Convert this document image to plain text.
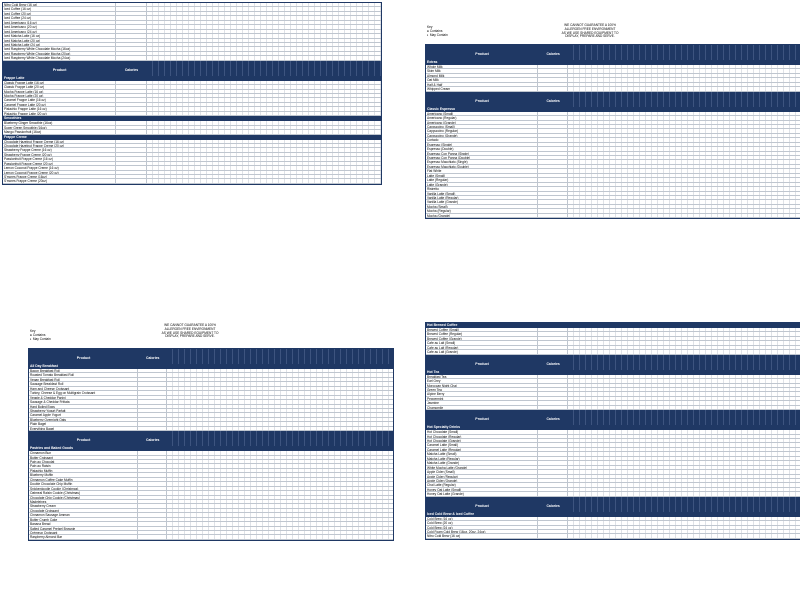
Nitro Cold Brew (16 oz)
Iced Coffee (16 oz)
Iced Coffee (20 oz)
Iced Coffee (24 oz)
Iced Americano (16 oz)
Iced Americano (20 oz)
Iced Americano (24 oz)
Iced Matcha Latte (16 oz)
Iced Matcha Latte (20 oz)
Iced Matcha Latte (24 oz)
Iced Raspberry White Chocolate Mocha (16oz)
Iced Raspberry White Chocolate Mocha (20oz)
Iced Raspberry White Chocolate Mocha (24oz)
Product	Calories
Frappe Latte
Classic Frappe Latte (16 oz)
Classic Frappe Latte (20 oz)
Mocha Frappe Latte (16 oz)
Mocha Frappe Latte (20 oz)
Caramel Frappe Latte (16 oz)
Caramel Frappe Latte (20 oz)
Pistachio Frappe Latte (16 oz)
Pistachio Frappe Latte (20 oz)
Smoothies
Blueberry Ginger Smoothie (16oz)
Super Green Smoothie (16oz)
Mango Passionfruit (16oz)
Frappe Creme
Chocolate Hazelnut Frappe Creme (16 oz)
Chocolate Hazelnut Frappe Creme (20 oz)
Strawberry Frappe Creme (16 oz)
Strawberry Frappe Creme (20 oz)
Passionfruit Frappe Creme (16 oz)
Passionfruit Frappe Creme (20 oz)
Lemon Coconut Frappe Creme (16 oz)
Lemon Coconut Frappe Creme (20 oz)
S'mores Frappe Creme (16oz)
S'mores Frappe Creme (20oz)
Key
● Contains
◐ May Contain
WE CANNOT GUARANTEE A 100%
ALLERGEN FREE ENVIRONMENT
AS WE USE SHARED EQUIPMENT TO
DISPLAY, PREPARE AND SERVE.
Product	Calories
Extras
Whole Milk
Skim Milk
Almond Milk
Oat Milk
Half & Half
Whipped Cream
Product	Calories
Classic Espresso
Americano (Small)
Americano (Regular)
Americano (Grande)
Cappuccino (Small)
Cappuccino (Regular)
Cappuccino (Grande)
Cortado
Espresso (Single)
Espresso (Double)
Espresso Con Panna (Single)
Espresso Con Panna (Double)
Espresso Macchiato (Single)
Espresso Macchiato (Double)
Flat White
Latte (Small)
Latte (Regular)
Latte (Grande)
Ristretto
Vanilla Latte (Small)
Vanilla Latte (Regular)
Vanilla Latte (Grande)
Mocha (Small)
Mocha (Regular)
Mocha (Grande)
Key
● Contains
◐ May Contain
WE CANNOT GUARANTEE A 100%
ALLERGEN FREE ENVIRONMENT
AS WE USE SHARED EQUIPMENT TO
DISPLAY, PREPARE AND SERVE.
Product	Calories
All Day Breakfast
Bacon Breakfast Roll
Roasted Tomato Breakfast Roll
Vegan Breakfast Roll
Sausage Breakfast Roll
Ham and Cheese Croissant
Turkey, Cheese & Egg on Multigrain Croissant
Veggie & Cheddar Panini
Sausage & Cheddar Frittata
Hard Boiled Eggs
Strawberry Yogurt Parfait
Caramel Apple Yogurt
Blueberry Overnight Oats
Plain Bagel
Everything Bagel
Product	Calories
Pastries and Baked Goods
Cinnamon Bun
Butter Croissant
Pain au Chocolat
Pain au Raisin
Pistachio Muffin
Blueberry Muffin
Cinnamon Coffee Cake Muffin
Double Chocolate Chip Muffin
Snickerdoodle Cookie (Christmas)
Oatmeal Raisin Cookie (Christmas)
Chocolate Chip Cookie (Christmas)
Madeleines
Strawberry Cream
Chocolate Croissant
Cinnamon Sausage Amman
Butter Crumb Cake
Banana Bread
Salted Caramel Pretzel Brownie
Crémeux Croissant
Raspberry Almond Bar
Hot Brewed Coffee
Brewed Coffee (Small)
Brewed Coffee (Regular)
Brewed Coffee (Grande)
Cafe au Lait (Small)
Cafe au Lait (Regular)
Cafe au Lait (Grande)
Product	Calories
Hot Tea
Breakfast Tea
Earl Grey
Moroccan Night Chai
Green Tea
Alpine Berry
Peppermint
Jasmine
Chamomile
Product	Calories
Hot Specialty Drinks
Hot Chocolate (Small)
Hot Chocolate (Regular)
Hot Chocolate (Grande)
Caramel Latte (Small)
Caramel Latte (Regular)
Matcha Latte (Small)
Matcha Latte (Regular)
Matcha Latte (Grande)
White Mocha Latte (Grande)
Apple Cider (Small)
Apple Cider (Regular)
Apple Cider (Grande)
Chai Latte (Regular)
Honey Oat Latte (Small)
Honey Oat Latte (Grande)
Product	Calories
Iced Cold Brew & Iced Coffee
Cold Brew (16 oz)
Cold Brew (20 oz)
Cold Brew (24 oz)
Cold Foam Cold Brew (16oz, 20oz, 24oz)
Nitro Cold Brew (16 oz)
